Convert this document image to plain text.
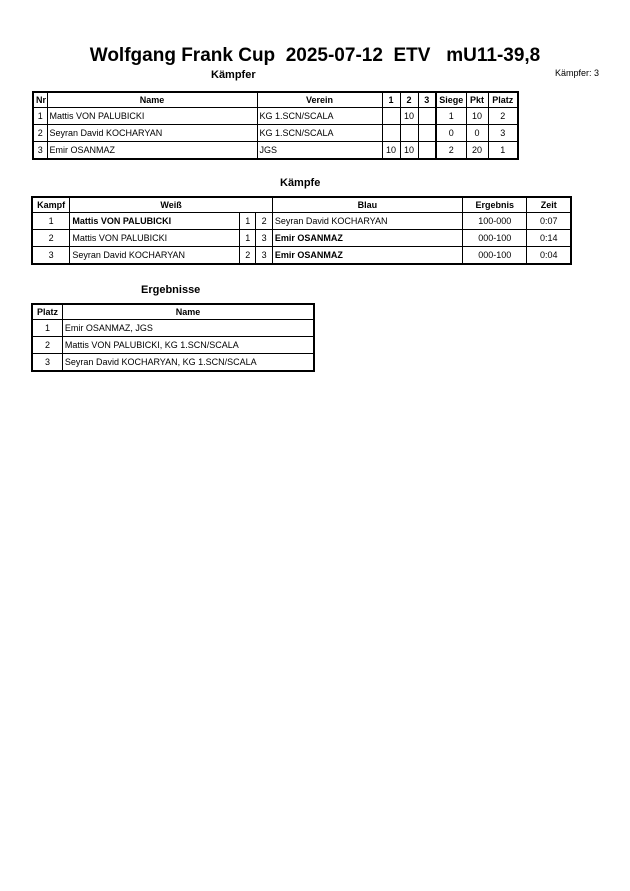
Wolfgang Frank Cup  2025-07-12  ETV   mU11-39,8
Kämpfer: 3
Kämpfer
Nr	Name	Verein	1	2	3	Siege	Pkt	Platz
1	Mattis VON PALUBICKI	KG 1.SCN/SCALA		10		1	10	2
2	Seyran David KOCHARYAN	KG 1.SCN/SCALA				0	0	3
3	Emir OSANMAZ	JGS	10	10		2	20	1
Kämpfe
Kampf	Weiß			Blau	Ergebnis	Zeit
1	Mattis VON PALUBICKI	1	2	Seyran David KOCHARYAN	100-000	0:07
2	Mattis VON PALUBICKI	1	3	Emir OSANMAZ	000-100	0:14
3	Seyran David KOCHARYAN	2	3	Emir OSANMAZ	000-100	0:04
Ergebnisse
Platz	Name
1	Emir OSANMAZ, JGS
2	Mattis VON PALUBICKI, KG 1.SCN/SCALA
3	Seyran David KOCHARYAN, KG 1.SCN/SCALA
